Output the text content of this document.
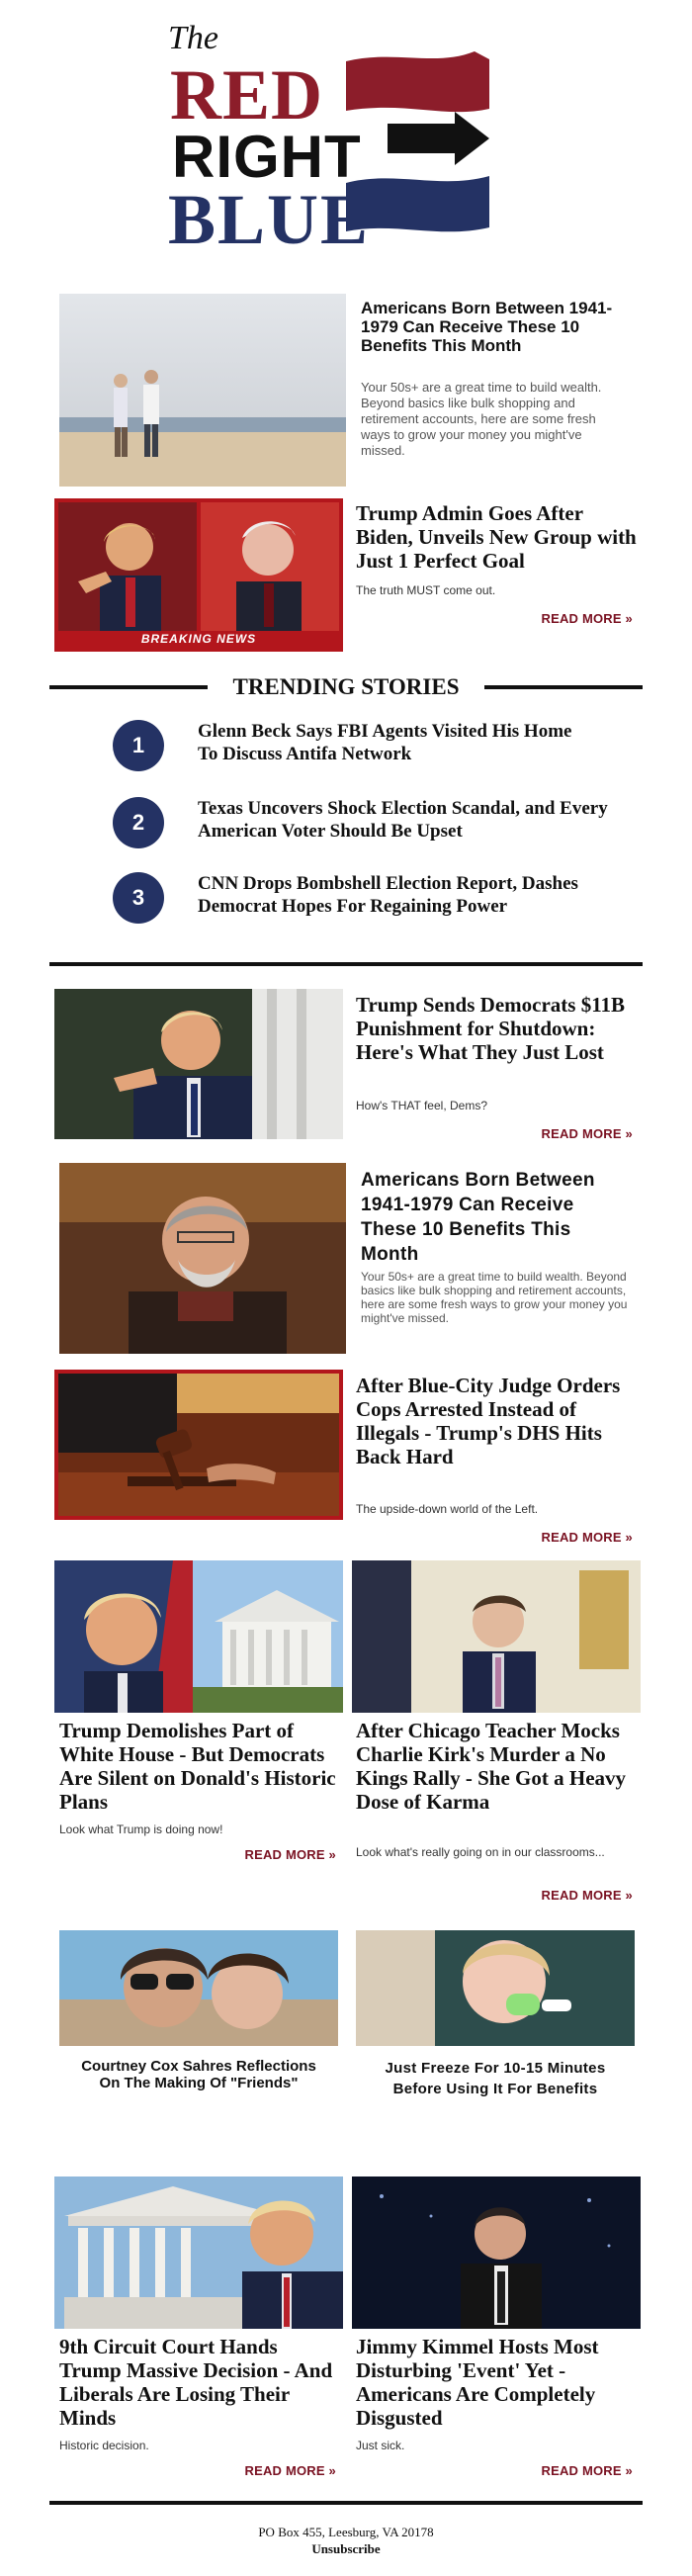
The
RED
RIGHT
BLUE
Americans Born Between 1941-1979 Can Receive These 10 Benefits This Month
Your 50s+ are a great time to build wealth. Beyond basics like bulk shopping and retirement accounts, here are some fresh ways to grow your money you might've missed.
BREAKING NEWS
Trump Admin Goes After Biden, Unveils New Group with Just 1 Perfect Goal
The truth MUST come out.
READ MORE »
TRENDING STORIES
1
Glenn Beck Says FBI Agents Visited His Home To Discuss Antifa Network
2
Texas Uncovers Shock Election Scandal, and Every American Voter Should Be Upset
3
CNN Drops Bombshell Election Report, Dashes Democrat Hopes For Regaining Power
Trump Sends Democrats $11B Punishment for Shutdown: Here's What They Just Lost
How's THAT feel, Dems?
READ MORE »
Americans Born Between 1941-1979 Can Receive These 10 Benefits This Month
Your 50s+ are a great time to build wealth. Beyond basics like bulk shopping and retirement accounts, here are some fresh ways to grow your money you might've missed.
After Blue-City Judge Orders Cops Arrested Instead of Illegals - Trump's DHS Hits Back Hard
The upside-down world of the Left.
READ MORE »
Trump Demolishes Part of White House - But Democrats Are Silent on Donald's Historic Plans
Look what Trump is doing now!
READ MORE »
After Chicago Teacher Mocks Charlie Kirk's Murder a No Kings Rally - She Got a Heavy Dose of Karma
Look what's really going on in our classrooms...
READ MORE »
Courtney Cox Sahres Reflections On The Making Of "Friends"
Just Freeze For 10-15 Minutes Before Using It For Benefits
9th Circuit Court Hands Trump Massive Decision - And Liberals Are Losing Their Minds
Historic decision.
READ MORE »
Jimmy Kimmel Hosts Most Disturbing 'Event' Yet - Americans Are Completely Disgusted
Just sick.
READ MORE »
PO Box 455, Leesburg, VA 20178
Unsubscribe
